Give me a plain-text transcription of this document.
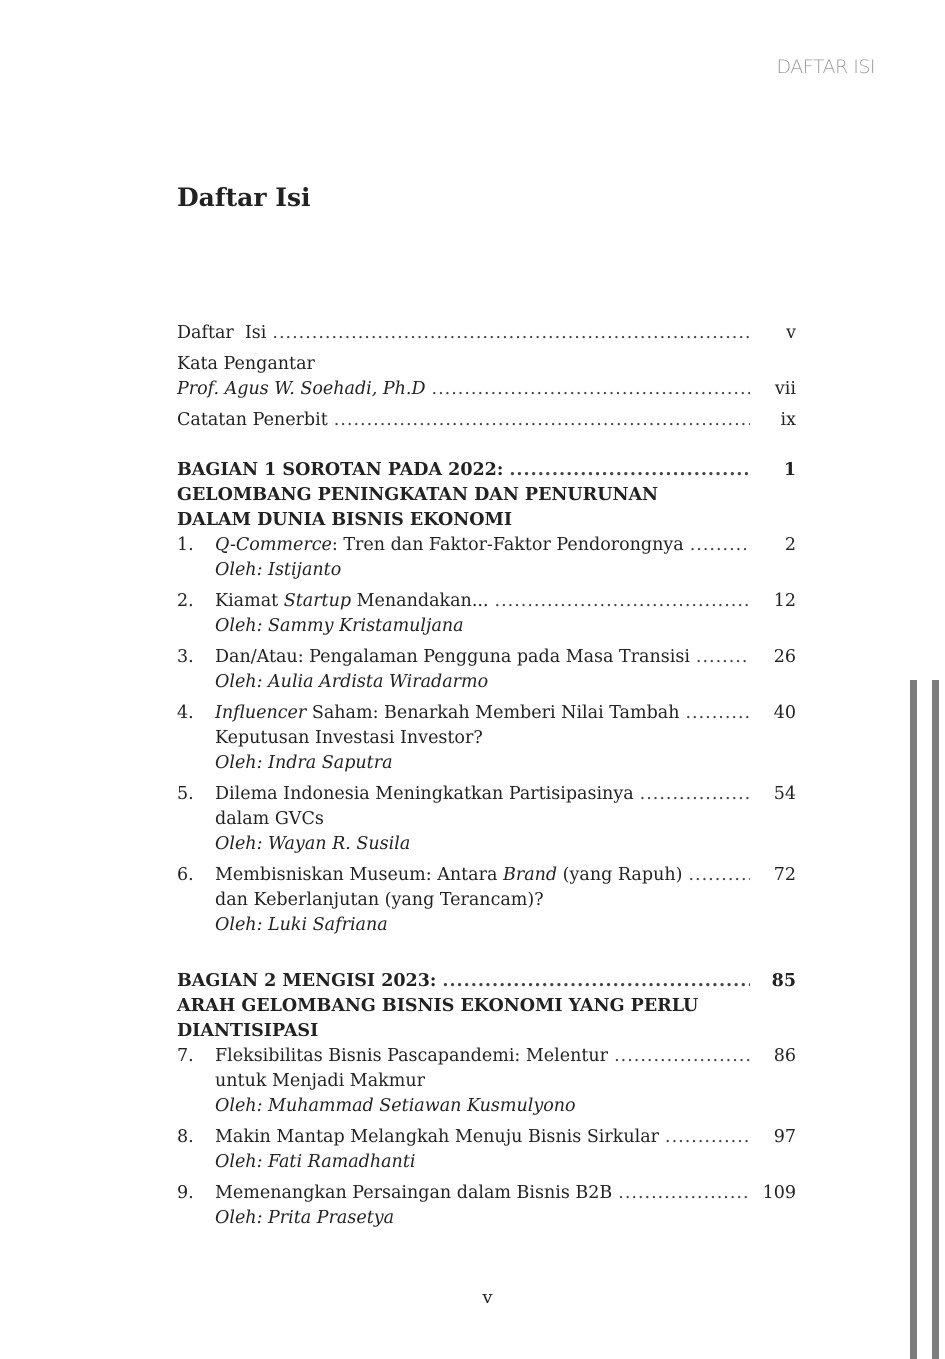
DAFTAR ISI
Daftar Isi
Daftar  Isi .....	v
Kata Pengantar
Prof. Agus W. Soehadi, Ph.D .....	vii
Catatan Penerbit .....	ix
BAGIAN 1 SOROTAN PADA 2022: .....	1
GELOMBANG PENINGKATAN DAN PENURUNAN
DALAM DUNIA BISNIS EKONOMI
1. Q-Commerce: Tren dan Faktor-Faktor Pendorongnya .....	2
Oleh: Istijanto
2. Kiamat Startup Menandakan... .....	12
Oleh: Sammy Kristamuljana
3. Dan/Atau: Pengalaman Pengguna pada Masa Transisi .....	26
Oleh: Aulia Ardista Wiradarmo
4. Influencer Saham: Benarkah Memberi Nilai Tambah .....	40
Keputusan Investasi Investor?
Oleh: Indra Saputra
5. Dilema Indonesia Meningkatkan Partisipasinya .....	54
dalam GVCs
Oleh: Wayan R. Susila
6. Membisniskan Museum: Antara Brand (yang Rapuh) .....	72
dan Keberlanjutan (yang Terancam)?
Oleh: Luki Safriana
BAGIAN 2 MENGISI 2023: .....	85
ARAH GELOMBANG BISNIS EKONOMI YANG PERLU
DIANTISIPASI
7. Fleksibilitas Bisnis Pascapandemi: Melentur .....	86
untuk Menjadi Makmur
Oleh: Muhammad Setiawan Kusmulyono
8. Makin Mantap Melangkah Menuju Bisnis Sirkular .....	97
Oleh: Fati Ramadhanti
9. Memenangkan Persaingan dalam Bisnis B2B .....	109
Oleh: Prita Prasetya
v
